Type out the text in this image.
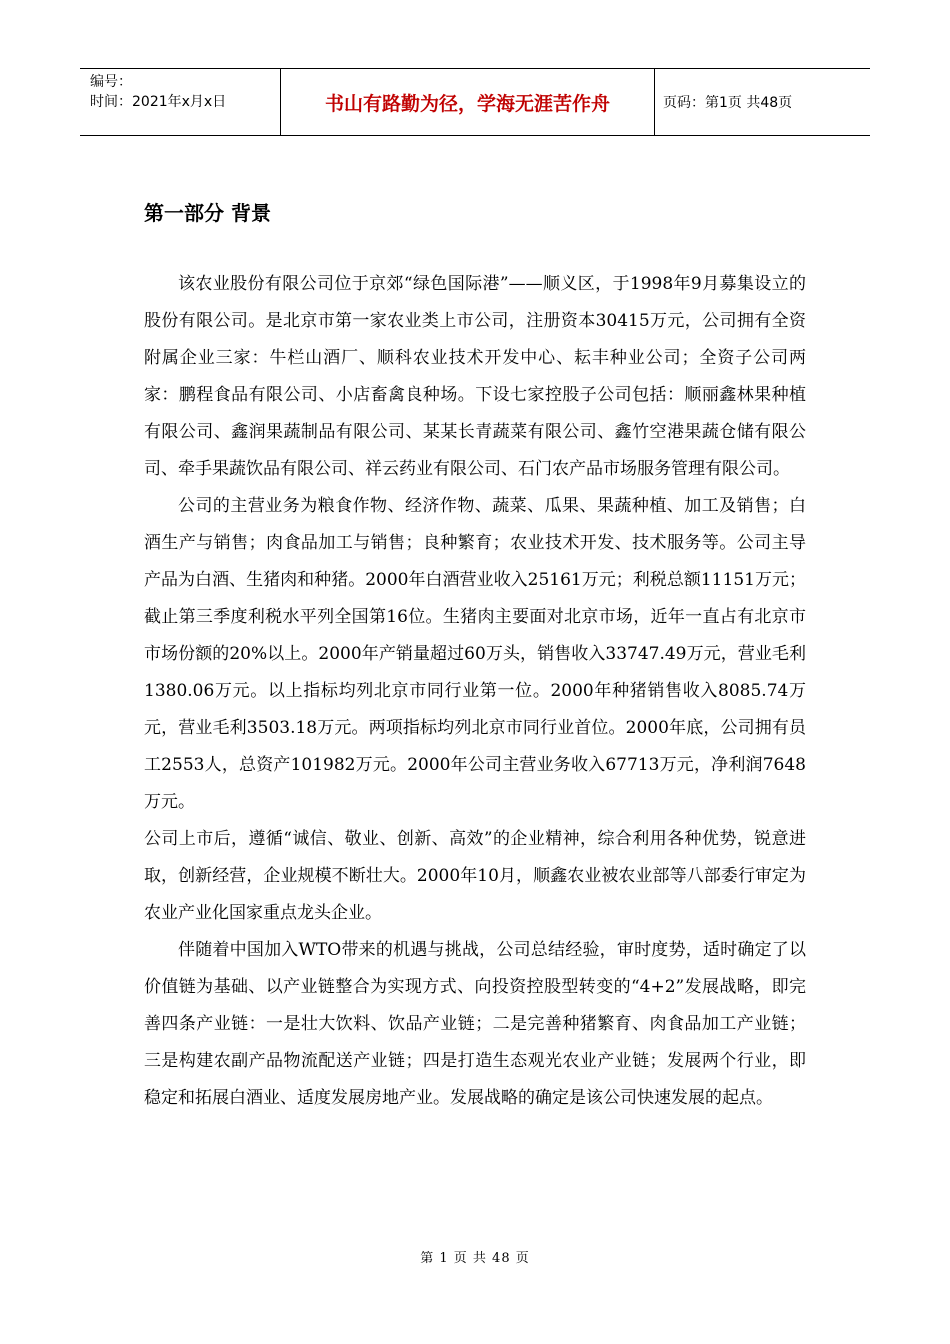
编号：
时间：2021年x月x日	书山有路勤为径，学海无涯苦作舟	页码：第1页 共48页
第一部分 背景

该农业股份有限公司位于京郊“绿色国际港”——顺义区，于1998年9月募集设立的股份有限公司。是北京市第一家农业类上市公司，注册资本30415万元，公司拥有全资附属企业三家：牛栏山酒厂、顺科农业技术开发中心、耘丰种业公司；全资子公司两家：鹏程食品有限公司、小店畜禽良种场。下设七家控股子公司包括：顺丽鑫林果种植有限公司、鑫润果蔬制品有限公司、某某长青蔬菜有限公司、鑫竹空港果蔬仓储有限公司、牵手果蔬饮品有限公司、祥云药业有限公司、石门农产品市场服务管理有限公司。

公司的主营业务为粮食作物、经济作物、蔬菜、瓜果、果蔬种植、加工及销售；白酒生产与销售；肉食品加工与销售；良种繁育；农业技术开发、技术服务等。公司主导产品为白酒、生猪肉和种猪。2000年白酒营业收入25161万元；利税总额11151万元；截止第三季度利税水平列全国第16位。生猪肉主要面对北京市场，近年一直占有北京市市场份额的20%以上。2000年产销量超过60万头，销售收入33747.49万元，营业毛利1380.06万元。以上指标均列北京市同行业第一位。2000年种猪销售收入8085.74万元，营业毛利3503.18万元。两项指标均列北京市同行业首位。2000年底，公司拥有员工2553人，总资产101982万元。2000年公司主营业务收入67713万元，净利润7648万元。

公司上市后，遵循“诚信、敬业、创新、高效”的企业精神，综合利用各种优势，锐意进取，创新经营，企业规模不断壮大。2000年10月，顺鑫农业被农业部等八部委行审定为农业产业化国家重点龙头企业。

伴随着中国加入WTO带来的机遇与挑战，公司总结经验，审时度势，适时确定了以价值链为基础、以产业链整合为实现方式、向投资控股型转变的“4+2”发展战略，即完善四条产业链：一是壮大饮料、饮品产业链；二是完善种猪繁育、肉食品加工产业链；三是构建农副产品物流配送产业链；四是打造生态观光农业产业链；发展两个行业，即稳定和拓展白酒业、适度发展房地产业。发展战略的确定是该公司快速发展的起点。

第 1 页 共 48 页
